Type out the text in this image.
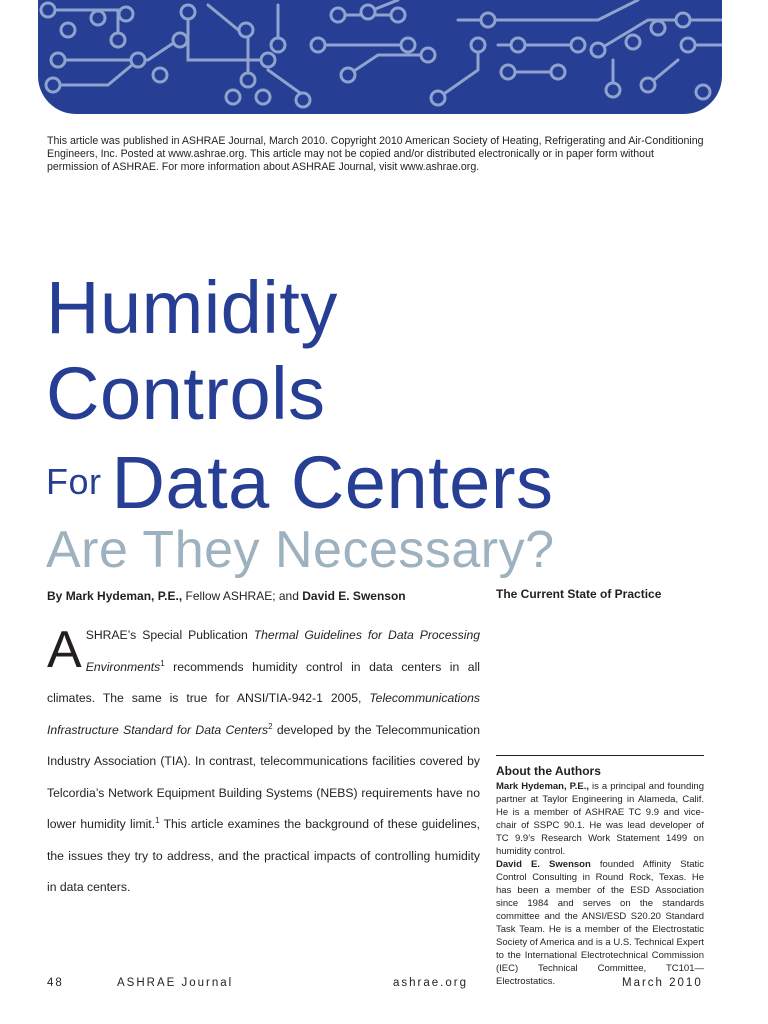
This article was published in ASHRAE Journal, March 2010. Copyright 2010 American Society of Heating, Refrigerating and Air-Conditioning Engineers, Inc. Posted at www.ashrae.org. This article may not be copied and/or distributed electronically or in paper form without permission of ASHRAE. For more information about ASHRAE Journal, visit www.ashrae.org.
Humidity
Controls
For Data Centers
Are They Necessary?
By Mark Hydeman, P.E., Fellow ASHRAE; and David E. Swenson	The Current State of Practice
ASHRAE’s Special Publication Thermal Guidelines for Data Processing Environments$^1$ recommends humidity control in data centers in all climates. The same is true for ANSI/TIA-942-1 2005, Telecommunications Infrastructure Standard for Data Centers$^2$ developed by the Telecommunication Industry Association (TIA). In contrast, telecommunications facilities covered by Telcordia’s Network Equipment Building Systems (NEBS) requirements have no lower humidity limit.$^1$ This article examines the background of these guidelines, the issues they try to address, and the practical impacts of controlling humidity in data centers.
About the Authors

Mark Hydeman, P.E., is a principal and founding partner at Taylor Engineering in Alameda, Calif. He is a member of ASHRAE TC 9.9 and vice-chair of SSPC 90.1. He was lead developer of TC 9.9’s Research Work Statement 1499 on humidity control.

David E. Swenson founded Affinity Static Control Consulting in Round Rock, Texas. He has been a member of the ESD Association since 1984 and serves on the standards committee and the ANSI/ESD S20.20 Standard Task Team. He is a member of the Electrostatic Society of America and is a U.S. Technical Expert to the International Electrotechnical Commission (IEC) Technical Committee, TC101—Electrostatics.

48	ASHRAE Journal	ashrae.org	March 2010
